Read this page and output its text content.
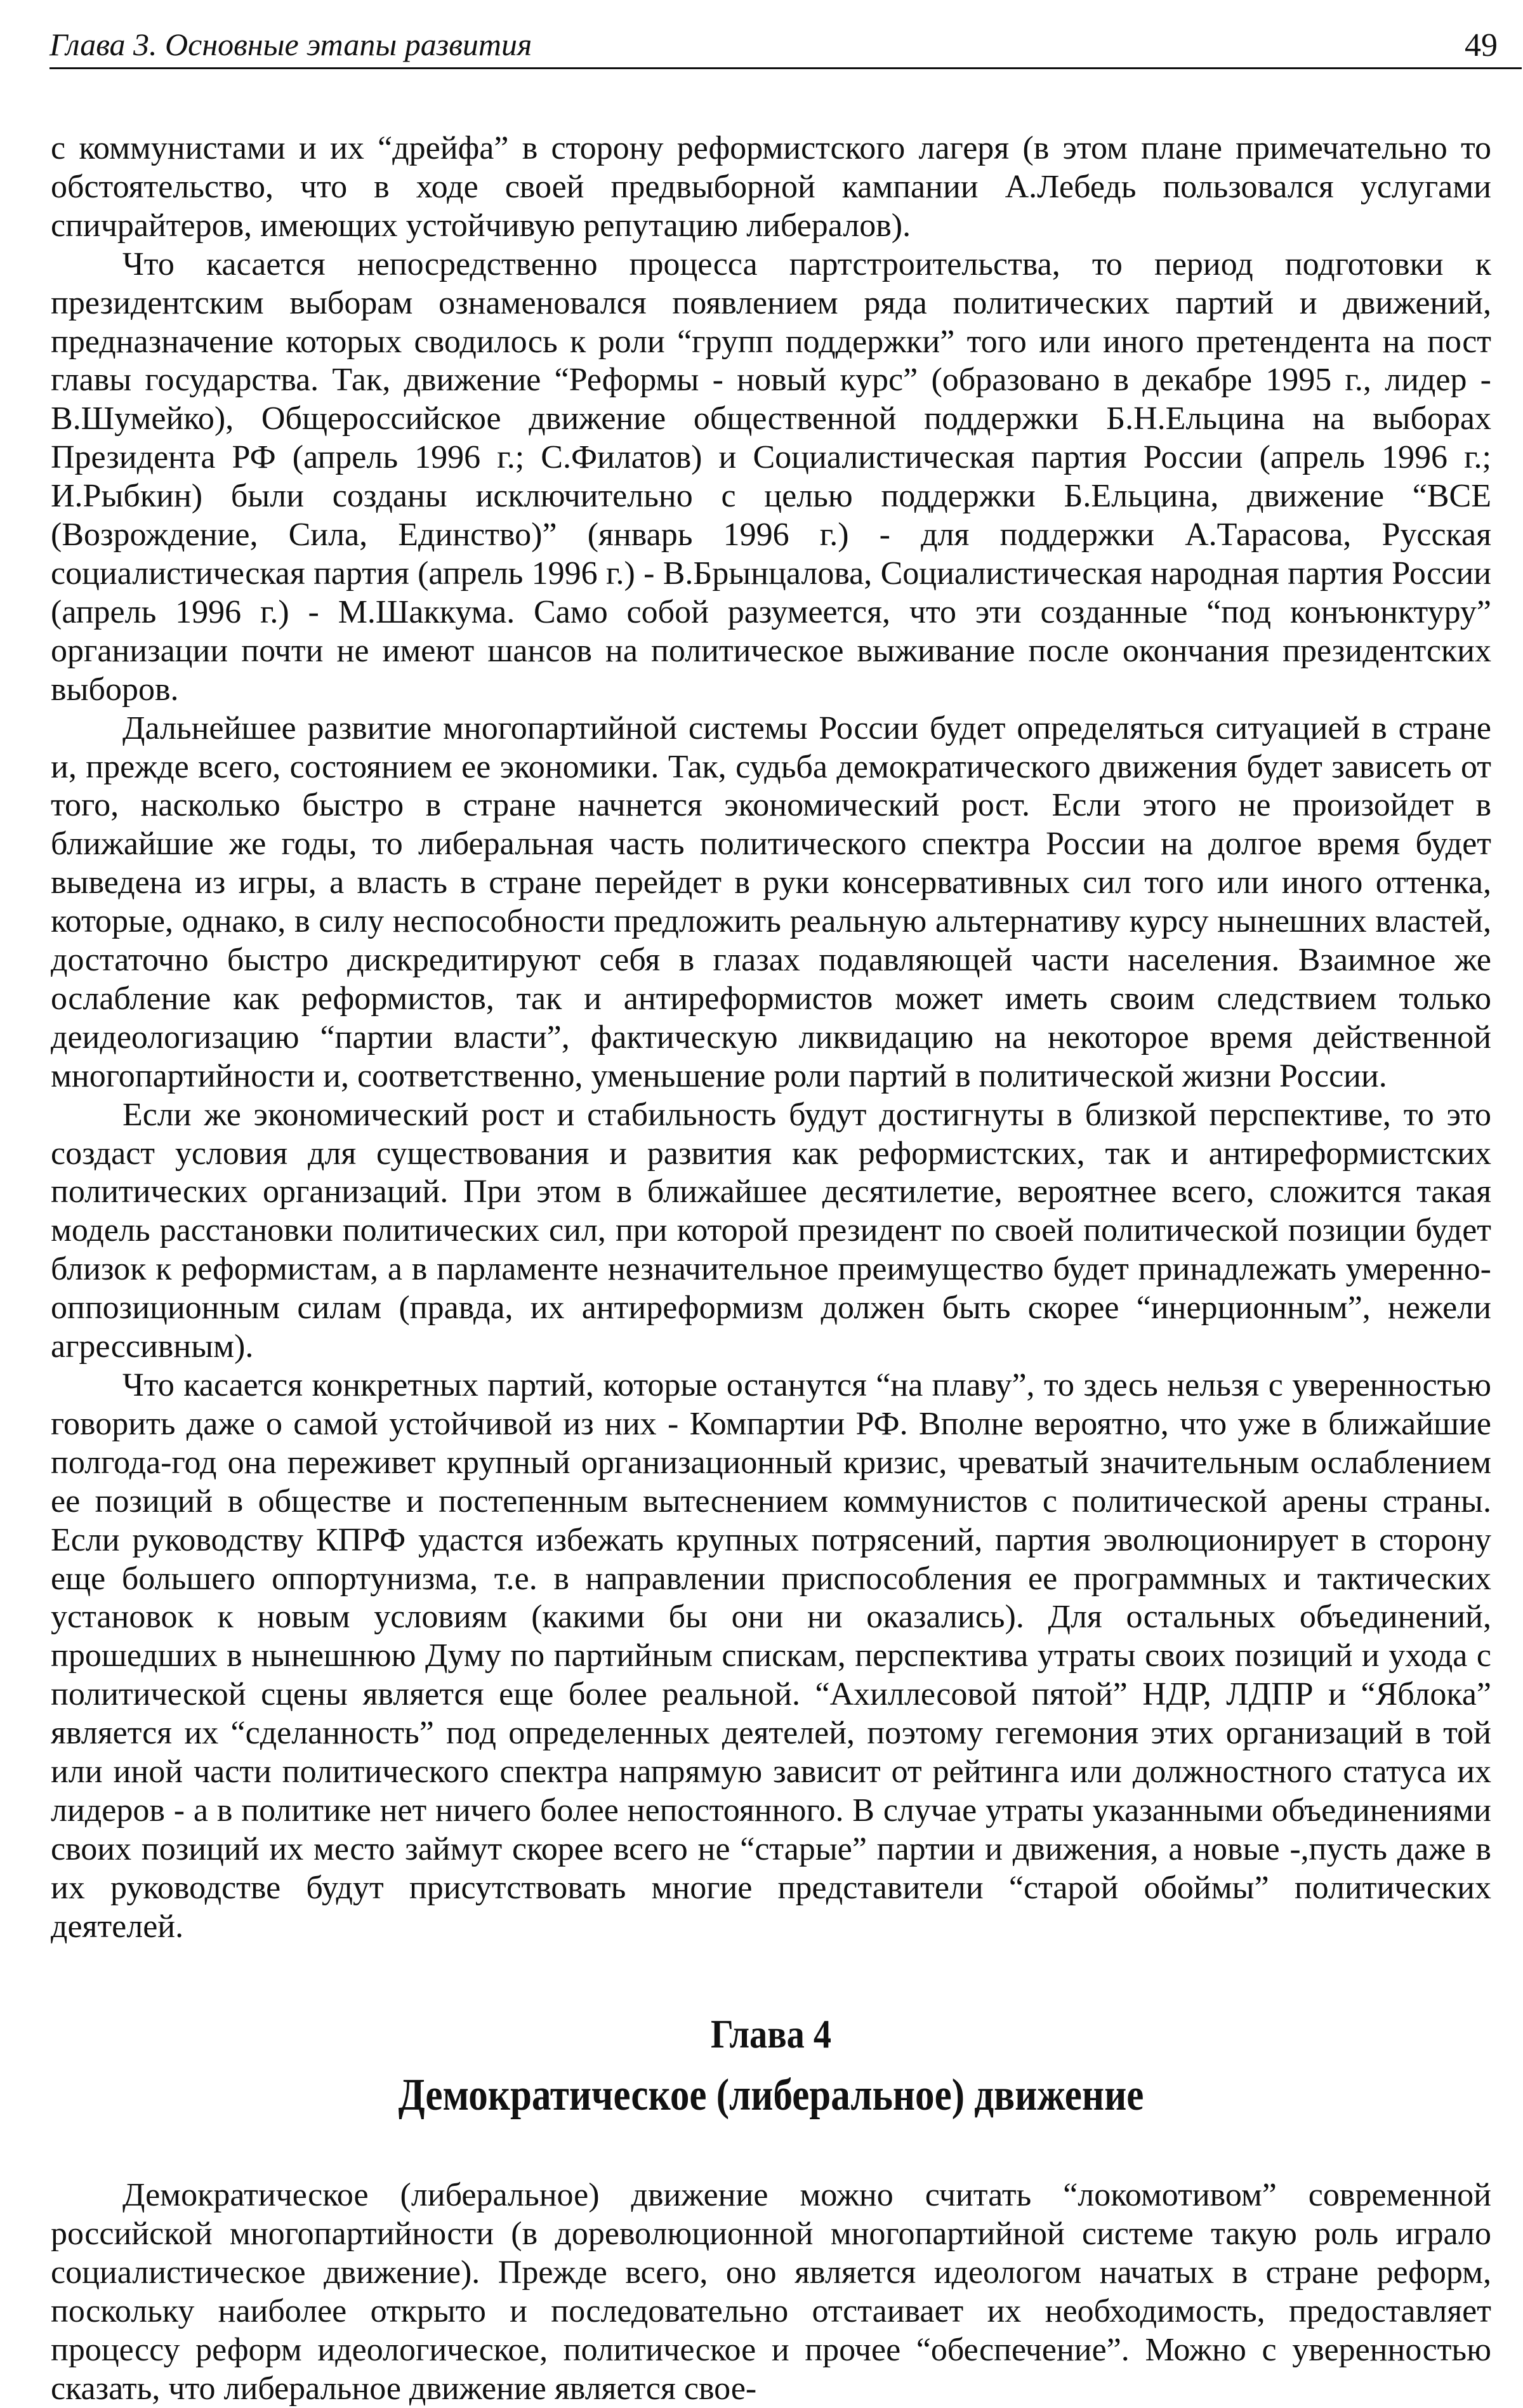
Глава 3. Основные этапы развития	49

с коммунистами и их “дрейфа” в сторону реформистского лагеря (в этом плане примечательно то обстоятельство, что в ходе своей предвыборной кампании А.Лебедь пользовался услугами спичрайтеров, имеющих устойчивую репутацию либералов).

Что касается непосредственно процесса партстроительства, то период подготовки к президентским выборам ознаменовался появлением ряда политических партий и движений, предназначение которых сводилось к роли “групп поддержки” того или иного претендента на пост главы государства. Так, движение “Реформы - новый курс” (образовано в декабре 1995 г., лидер - В.Шумейко), Общероссийское движение общественной поддержки Б.Н.Ельцина на выборах Президента РФ (апрель 1996 г.; С.Филатов) и Социалистическая партия России (апрель 1996 г.; И.Рыбкин) были созданы исключительно с целью поддержки Б.Ельцина, движение “ВСЕ (Возрождение, Сила, Единство)” (январь 1996 г.) - для поддержки А.Тарасова, Русская социалистическая партия (апрель 1996 г.) - В.Брынцалова, Социалистическая народная партия России (апрель 1996 г.) - М.Шаккума. Само собой разумеется, что эти созданные “под конъюнктуру” организации почти не имеют шансов на политическое выживание после окончания президентских выборов.

Дальнейшее развитие многопартийной системы России будет определяться ситуацией в стране и, прежде всего, состоянием ее экономики. Так, судьба демократического движения будет зависеть от того, насколько быстро в стране начнется экономический рост. Если этого не произойдет в ближайшие же годы, то либеральная часть политического спектра России на долгое время будет выведена из игры, а власть в стране перейдет в руки консервативных сил того или иного оттенка, которые, однако, в силу неспособности предложить реальную альтернативу курсу нынешних властей, достаточно быстро дискредитируют себя в глазах подавляющей части населения. Взаимное же ослабление как реформистов, так и антиреформистов может иметь своим следствием только деидеологизацию “партии власти”, фактическую ликвидацию на некоторое время действенной многопартийности и, соответственно, уменьшение роли партий в политической жизни России.

Если же экономический рост и стабильность будут достигнуты в близкой перспективе, то это создаст условия для существования и развития как реформистских, так и антиреформистских политических организаций. При этом в ближайшее десятилетие, вероятнее всего, сложится такая модель расстановки политических сил, при которой президент по своей политической позиции будет близок к реформистам, а в парламенте незначительное преимущество будет принадлежать умеренно-оппозиционным силам (правда, их антиреформизм должен быть скорее “инерционным”, нежели агрессивным).

Что касается конкретных партий, которые останутся “на плаву”, то здесь нельзя с уверенностью говорить даже о самой устойчивой из них - Компартии РФ. Вполне вероятно, что уже в ближайшие полгода-год она переживет крупный организационный кризис, чреватый значительным ослаблением ее позиций в обществе и постепенным вытеснением коммунистов с политической арены страны. Если руководству КПРФ удастся избежать крупных потрясений, партия эволюционирует в сторону еще большего оппортунизма, т.е. в направлении приспособления ее программных и тактических установок к новым условиям (какими бы они ни оказались). Для остальных объединений, прошедших в нынешнюю Думу по партийным спискам, перспектива утраты своих позиций и ухода с политической сцены является еще более реальной. “Ахиллесовой пятой” НДР, ЛДПР и “Яблока” является их “сделанность” под определенных деятелей, поэтому гегемония этих организаций в той или иной части политического спектра напрямую зависит от рейтинга или должностного статуса их лидеров - а в политике нет ничего более непостоянного. В случае утраты указанными объединениями своих позиций их место займут скорее всего не “старые” партии и движения, а новые -,пусть даже в их руководстве будут присутствовать многие представители “старой обоймы” политических деятелей.

Глава 4
Демократическое (либеральное) движение

Демократическое (либеральное) движение можно считать “локомотивом” современной российской многопартийности (в дореволюционной многопартийной системе такую роль играло социалистическое движение). Прежде всего, оно является идеологом начатых в стране реформ, поскольку наиболее открыто и последовательно отстаивает их необходимость, предоставляет процессу реформ идеологическое, политическое и прочее “обеспечение”. Можно с уверенностью сказать, что либеральное движение является свое-
